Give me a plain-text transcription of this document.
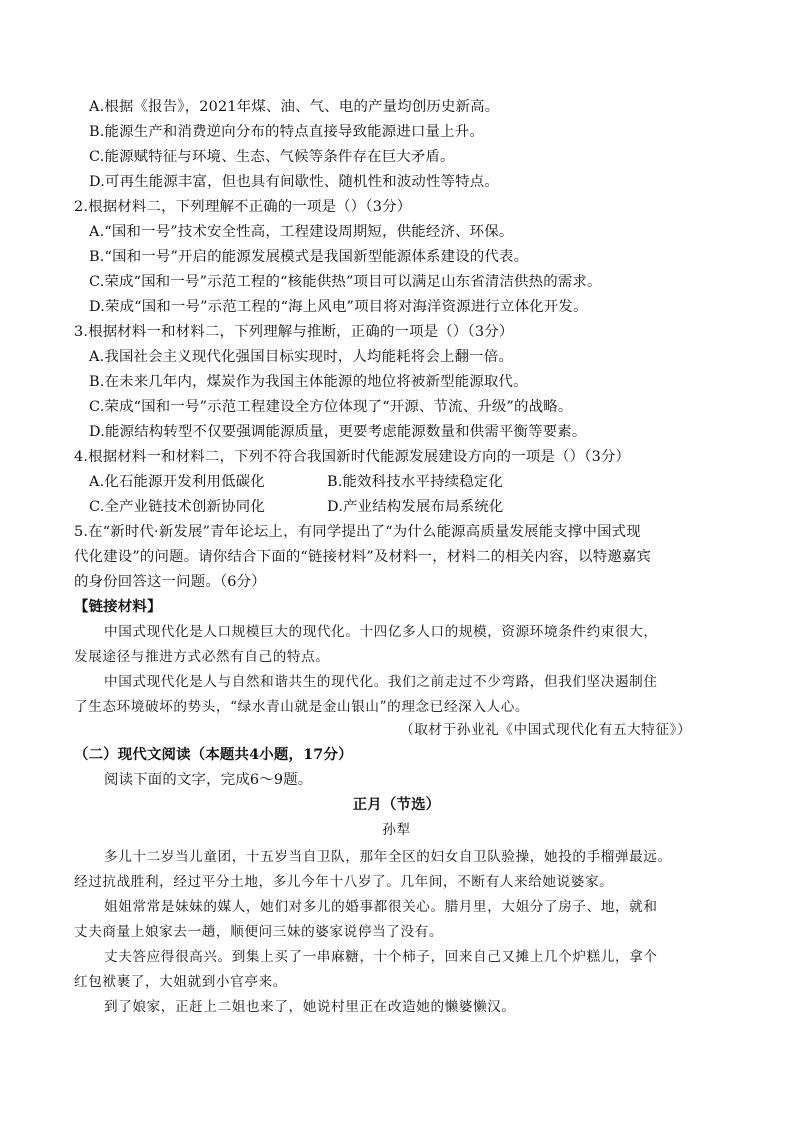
A.根据《报告》，2021年煤、油、气、电的产量均创历史新高。
B.能源生产和消费逆向分布的特点直接导致能源进口量上升。
C.能源赋特征与环境、生态、气候等条件存在巨大矛盾。
D.可再生能源丰富，但也具有间歇性、随机性和波动性等特点。
2.根据材料二，下列理解不正确的一项是（）（3分）
A.“国和一号”技术安全性高，工程建设周期短，供能经济、环保。
B.“国和一号”开启的能源发展模式是我国新型能源体系建设的代表。
C.荣成“国和一号”示范工程的“核能供热”项目可以满足山东省清洁供热的需求。
D.荣成“国和一号”示范工程的“海上风电”项目将对海洋资源进行立体化开发。
3.根据材料一和材料二，下列理解与推断，正确的一项是（）（3分）
A.我国社会主义现代化强国目标实现时，人均能耗将会上翻一倍。
B.在未来几年内，煤炭作为我国主体能源的地位将被新型能源取代。
C.荣成“国和一号”示范工程建设全方位体现了“开源、节流、升级”的战略。
D.能源结构转型不仅要强调能源质量，更要考虑能源数量和供需平衡等要素。
4.根据材料一和材料二，下列不符合我国新时代能源发展建设方向的一项是（）（3分）
A.化石能源开发利用低碳化	B.能效科技水平持续稳定化
C.全产业链技术创新协同化	D.产业结构发展布局系统化
5.在“新时代·新发展”青年论坛上，有同学提出了“为什么能源高质量发展能支撑中国式现
代化建设”的问题。请你结合下面的“链接材料”及材料一，材料二的相关内容，以特邀嘉宾
的身份回答这一问题。（6分）
【链接材料】
中国式现代化是人口规模巨大的现代化。十四亿多人口的规模，资源环境条件约束很大，
发展途径与推进方式必然有自己的特点。
中国式现代化是人与自然和谐共生的现代化。我们之前走过不少弯路，但我们坚决遏制住
了生态环境破坏的势头，“绿水青山就是金山银山”的理念已经深入人心。
（取材于孙业礼《中国式现代化有五大特征》）
（二）现代文阅读（本题共4小题，17分）
阅读下面的文字，完成6～9题。
正月（节选）
孙犁
多儿十二岁当儿童团，十五岁当自卫队，那年全区的妇女自卫队验操，她投的手榴弹最远。
经过抗战胜利，经过平分土地，多儿今年十八岁了。几年间，不断有人来给她说婆家。
姐姐常常是妹妹的媒人，她们对多儿的婚事都很关心。腊月里，大姐分了房子、地，就和
丈夫商量上娘家去一趟，顺便问三妹的婆家说停当了没有。
丈夫答应得很高兴。到集上买了一串麻糖，十个柿子，回来自己又摊上几个炉糕儿，拿个
红包袱裹了，大姐就到小官亭来。
到了娘家，正赶上二姐也来了，她说村里正在改造她的懒婆懒汉。
